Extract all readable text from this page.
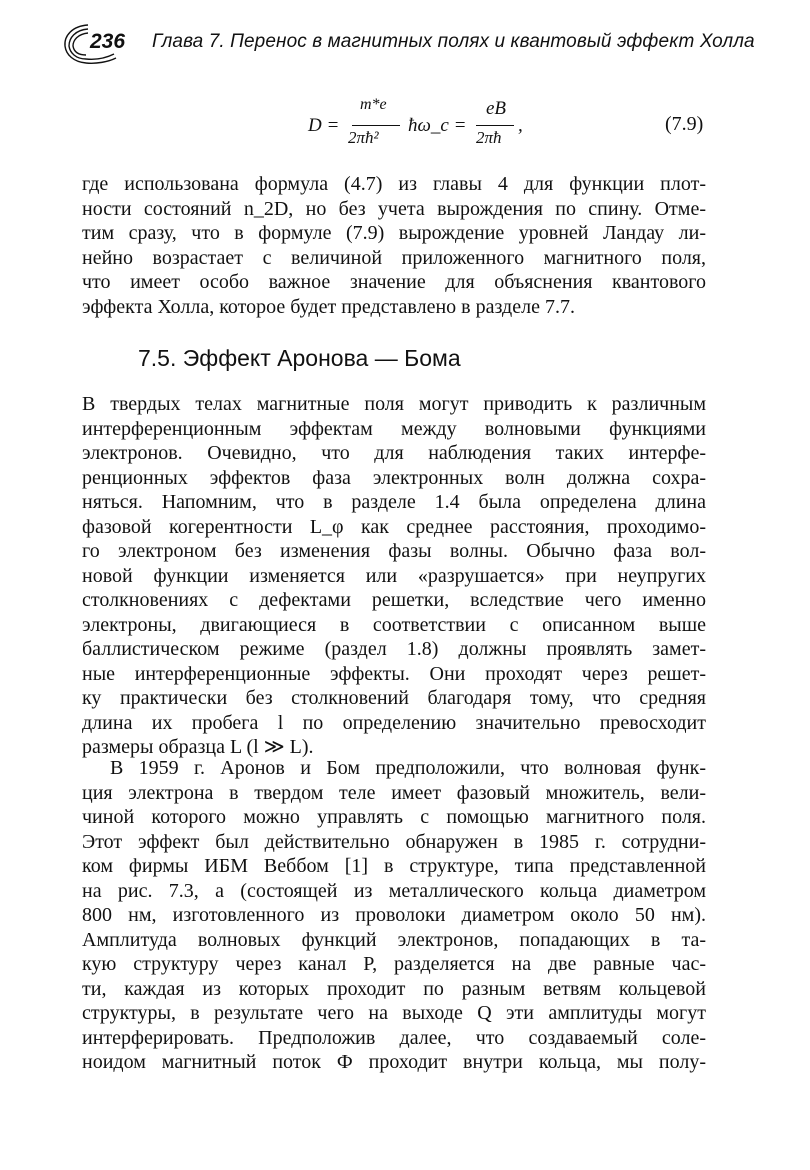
236 Глава 7. Перенос в магнитных полях и квантовый эффект Холла
D =
m*e
2πħ²
ħω_c =
eB
2πħ
,	(7.9)
где использована формула (4.7) из главы 4 для функции плот-
ности состояний n_2D, но без учета вырождения по спину. Отме-
тим сразу, что в формуле (7.9) вырождение уровней Ландау ли-
нейно возрастает с величиной приложенного магнитного поля,
что имеет особо важное значение для объяснения квантового
эффекта Холла, которое будет представлено в разделе 7.7.
7.5. Эффект Аронова — Бома
В твердых телах магнитные поля могут приводить к различным
интерференционным эффектам между волновыми функциями
электронов. Очевидно, что для наблюдения таких интерфе-
ренционных эффектов фаза электронных волн должна сохра-
няться. Напомним, что в разделе 1.4 была определена длина
фазовой когерентности L_φ как среднее расстояния, проходимо-
го электроном без изменения фазы волны. Обычно фаза вол-
новой функции изменяется или «разрушается» при неупругих
столкновениях с дефектами решетки, вследствие чего именно
электроны, двигающиеся в соответствии с описанном выше
баллистическом режиме (раздел 1.8) должны проявлять замет-
ные интерференционные эффекты. Они проходят через решет-
ку практически без столкновений благодаря тому, что средняя
длина их пробега l по определению значительно превосходит
размеры образца L (l ≫ L).
В 1959 г. Аронов и Бом предположили, что волновая функ-
ция электрона в твердом теле имеет фазовый множитель, вели-
чиной которого можно управлять с помощью магнитного поля.
Этот эффект был действительно обнаружен в 1985 г. сотрудни-
ком фирмы ИБМ Веббом [1] в структуре, типа представленной
на рис. 7.3, a (состоящей из металлического кольца диаметром
800 нм, изготовленного из проволоки диаметром около 50 нм).
Амплитуда волновых функций электронов, попадающих в та-
кую структуру через канал P, разделяется на две равные час-
ти, каждая из которых проходит по разным ветвям кольцевой
структуры, в результате чего на выходе Q эти амплитуды могут
интерферировать. Предположив далее, что создаваемый соле-
ноидом магнитный поток Ф проходит внутри кольца, мы полу-
